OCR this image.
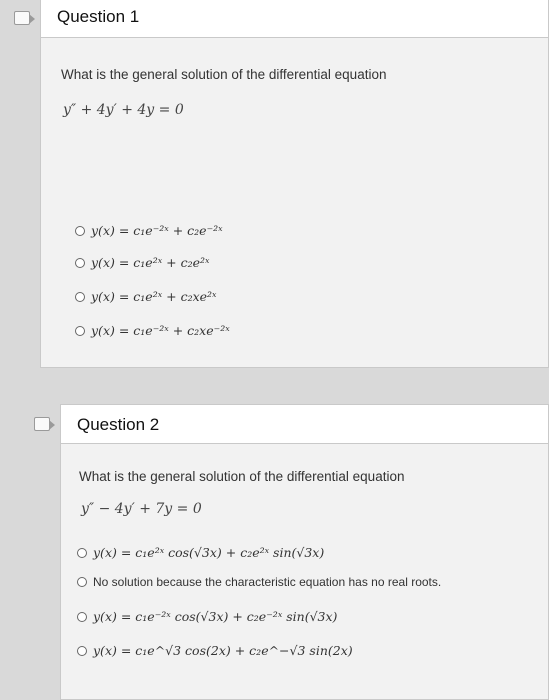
Question 1
What is the general solution of the differential equation
y″ + 4y′ + 4y = 0
y(x) = c₁e⁻²ˣ + c₂e⁻²ˣ
y(x) = c₁e²ˣ + c₂e²ˣ
y(x) = c₁e²ˣ + c₂xe²ˣ
y(x) = c₁e⁻²ˣ + c₂xe⁻²ˣ
Question 2
What is the general solution of the differential equation
y″ − 4y′ + 7y = 0
y(x) = c₁e²ˣ cos(√3x) + c₂e²ˣ sin(√3x)
No solution because the characteristic equation has no real roots.
y(x) = c₁e⁻²ˣ cos(√3x) + c₂e⁻²ˣ sin(√3x)
y(x) = c₁e^√3 cos(2x) + c₂e^−√3 sin(2x)
